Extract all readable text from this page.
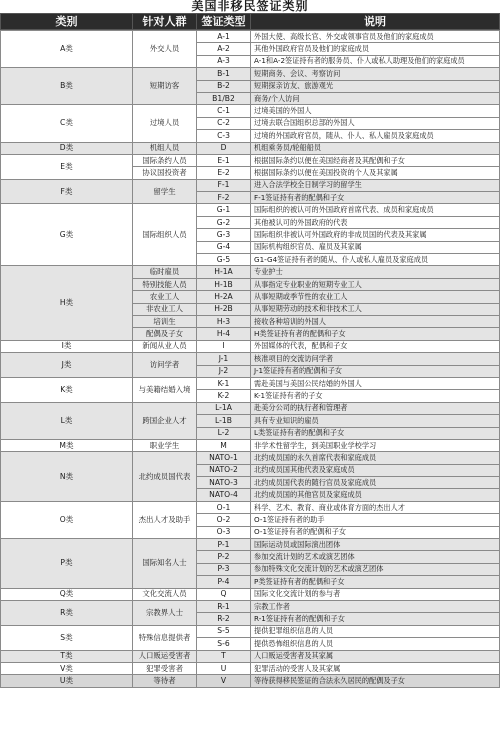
美国非移民签证类别
类别	针对人群	签证类型	说明
A类	外交人员	A-1	外国大使、高级长官、外交或领事官员及他们的家庭成员
		A-2	其他外国政府官员及他们的家庭成员
		A-3	A-1和A-2签证持有者的服务员、仆人或私人助理及他们的家庭成员
B类	短期访客	B-1	短期商务、会议、考察访问
		B-2	短期探亲访友、旅游观光
		B1/B2	商务/个人访问
C类	过境人员	C-1	过境美国的外国人
		C-2	过境去联合国组织总部的外国人
		C-3	过境的外国政府官员，随从、仆人、私人雇员及家庭成员
D类	机组人员	D	机组乘务员/轮船船员
E类	国际条约人员	E-1	根据国际条约以便在美国经商者及其配偶和子女
	协议国投资者	E-2	根据国际条约以便在美国投资的个人及其家属
F类	留学生	F-1	进入合法学校全日制学习的留学生
		F-2	F-1签证持有者的配偶和子女
G类	国际组织人员	G-1	国际组织的被认可的外国政府首席代表、成员和家庭成员
		G-2	其他被认可的外国政府的代表
		G-3	国际组织非被认可外国政府的非成员国的代表及其家属
		G-4	国际机构组织官员、雇员及其家属
		G-5	G1-G4签证持有者的随从、仆人或私人雇员及家庭成员
H类	临时雇员	H-1A	专业护士
	特别技能人员	H-1B	从事指定专业职业的短期专业工人
	农业工人	H-2A	从事短期或季节性的农业工人
	非农业工人	H-2B	从事短期劳动的技术和非技术工人
	培训生	H-3	接收各种培训的外国人
	配偶及子女	H-4	H类签证持有者的配偶和子女
I类	新闻从业人员	I	外国媒体的代表，配偶和子女
J类	访问学者	J-1	核准项目的交流访问学者
		J-2	J-1签证持有者的配偶和子女
K类	与美籍结婚入境	K-1	需赴美国与美国公民结婚的外国人
		K-2	K-1签证持有者的子女
L类	跨国企业人才	L-1A	赴美分公司的执行者和管理者
		L-1B	具有专业知识的雇员
		L-2	L类签证持有者的配偶和子女
M类	职业学生	M	非学术性留学生，到美国职业学校学习
N类	北约成员国代表	NATO-1	北约成员国的永久首席代表和家庭成员
		NATO-2	北约成员国其他代表及家庭成员
		NATO-3	北约成员国代表的随行官员及家庭成员
		NATO-4	北约成员国的其他官员及家庭成员
O类	杰出人才及助手	O-1	科学、艺术、教育、商业或体育方面的杰出人才
		O-2	O-1签证持有者的助手
		O-3	O-1签证持有者的配偶和子女
P类	国际知名人士	P-1	国际运动员或国际演出团体
		P-2	参加交流计划的艺术或演艺团体
		P-3	参加特殊文化交流计划的艺术或演艺团体
		P-4	P类签证持有者的配偶和子女
Q类	文化交流人员	Q	国际文化交流计划的参与者
R类	宗教界人士	R-1	宗教工作者
		R-2	R-1签证持有者的配偶和子女
S类	特殊信息提供者	S-5	提供犯罪组织信息的人员
		S-6	提供恐怖组织信息的人员
T类	人口贩运受害者	T	人口贩运受害者及其家属
V类	犯罪受害者	U	犯罪活动的受害人及其家属
U类	等待者	V	等待获得移民签证的合法永久居民的配偶及子女
